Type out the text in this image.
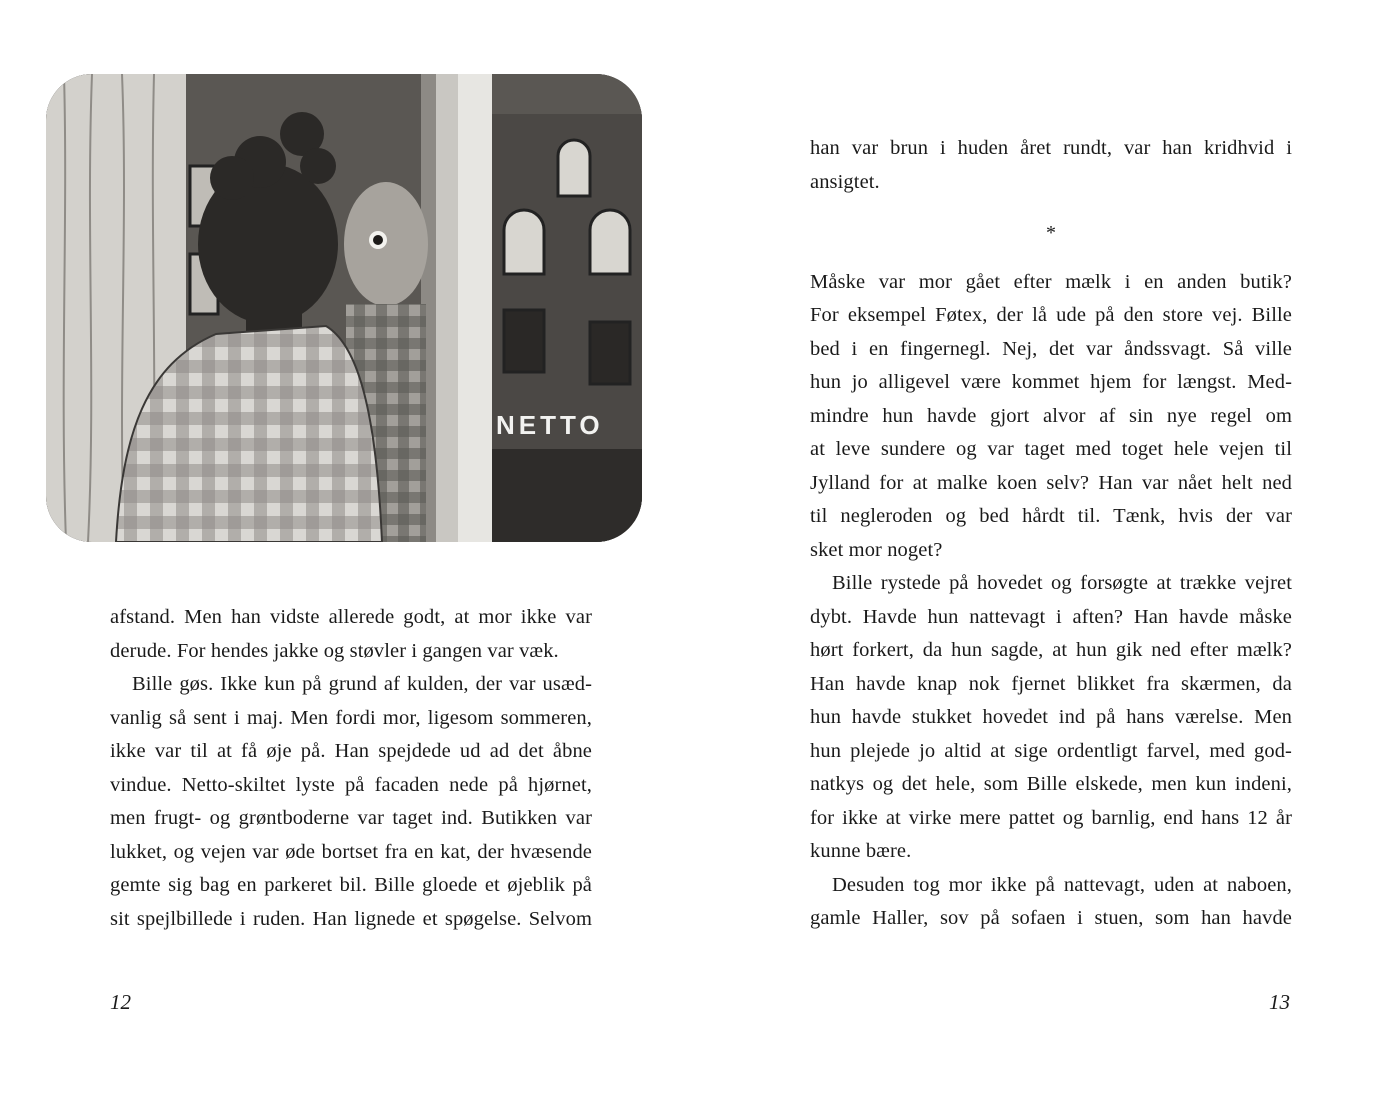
NETTO

afstand. Men han vidste allerede godt, at mor ikke var
derude. For hendes jakke og støvler i gangen var væk.

Bille gøs. Ikke kun på grund af kulden, der var usæd-
vanlig så sent i maj. Men fordi mor, ligesom sommeren,
ikke var til at få øje på. Han spejdede ud ad det åbne
vindue. Netto-skiltet lyste på facaden nede på hjørnet,
men frugt- og grøntboderne var taget ind. Butikken var
lukket, og vejen var øde bortset fra en kat, der hvæsende
gemte sig bag en parkeret bil. Bille gloede et øjeblik på
sit spejlbillede i ruden. Han lignede et spøgelse. Selvom

12

han var brun i huden året rundt, var han kridhvid i
ansigtet.

*

Måske var mor gået efter mælk i en anden butik?
For eksempel Føtex, der lå ude på den store vej. Bille
bed i en fingernegl. Nej, det var åndssvagt. Så ville
hun jo alligevel være kommet hjem for længst. Med-
mindre hun havde gjort alvor af sin nye regel om
at leve sundere og var taget med toget hele vejen til
Jylland for at malke koen selv? Han var nået helt ned
til negleroden og bed hårdt til. Tænk, hvis der var
sket mor noget?

Bille rystede på hovedet og forsøgte at trække vejret
dybt. Havde hun nattevagt i aften? Han havde måske
hørt forkert, da hun sagde, at hun gik ned efter mælk?
Han havde knap nok fjernet blikket fra skærmen, da
hun havde stukket hovedet ind på hans værelse. Men
hun plejede jo altid at sige ordentligt farvel, med god-
natkys og det hele, som Bille elskede, men kun indeni,
for ikke at virke mere pattet og barnlig, end hans 12 år
kunne bære.

Desuden tog mor ikke på nattevagt, uden at naboen,
gamle Haller, sov på sofaen i stuen, som han havde

13
